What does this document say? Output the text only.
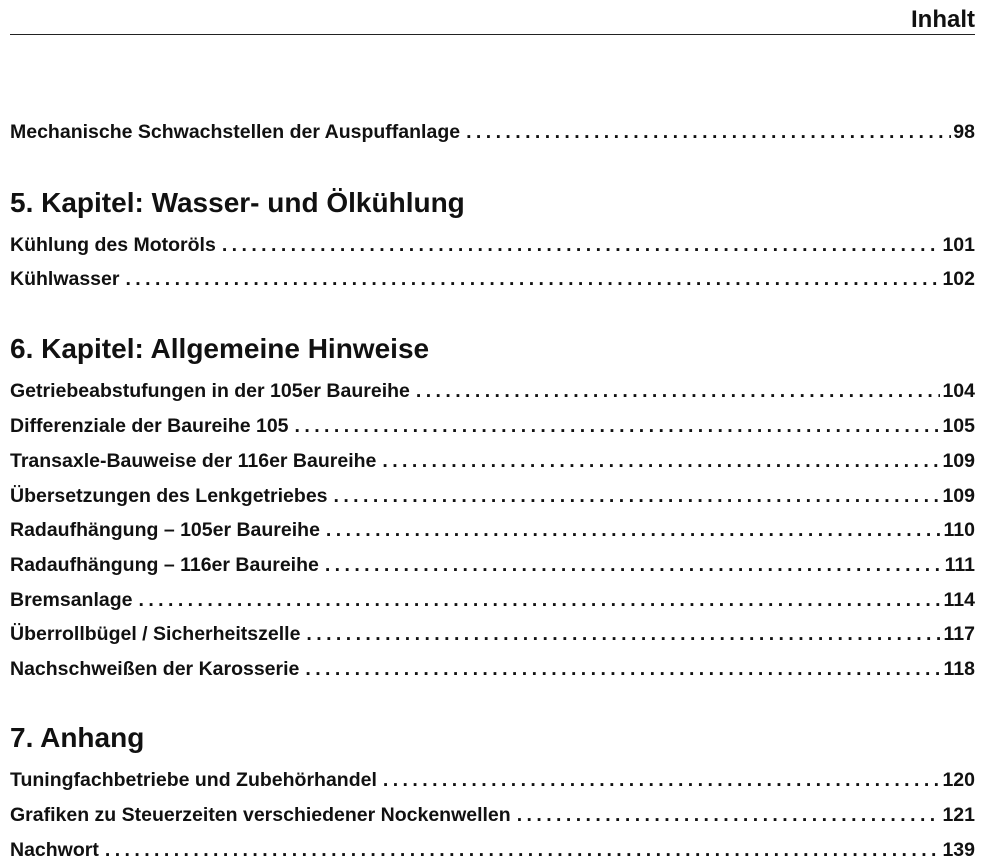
Inhalt
Mechanische Schwachstellen der Auspuffanlage . . .	98
5. Kapitel: Wasser- und Ölkühlung
Kühlung des Motoröls . . .	101
Kühlwasser . . .	102
6. Kapitel: Allgemeine Hinweise
Getriebeabstufungen in der 105er Baureihe . . .	104
Differenziale der Baureihe 105 . . .	105
Transaxle-Bauweise der 116er Baureihe . . .	109
Übersetzungen des Lenkgetriebes . . .	109
Radaufhängung – 105er Baureihe . . .	110
Radaufhängung – 116er Baureihe . . .	111
Bremsanlage . . .	114
Überrollbügel / Sicherheitszelle . . .	117
Nachschweißen der Karosserie . . .	118
7. Anhang
Tuningfachbetriebe und Zubehörhandel . . .	120
Grafiken zu Steuerzeiten verschiedener Nockenwellen . . .	121
Nachwort . . .	139
